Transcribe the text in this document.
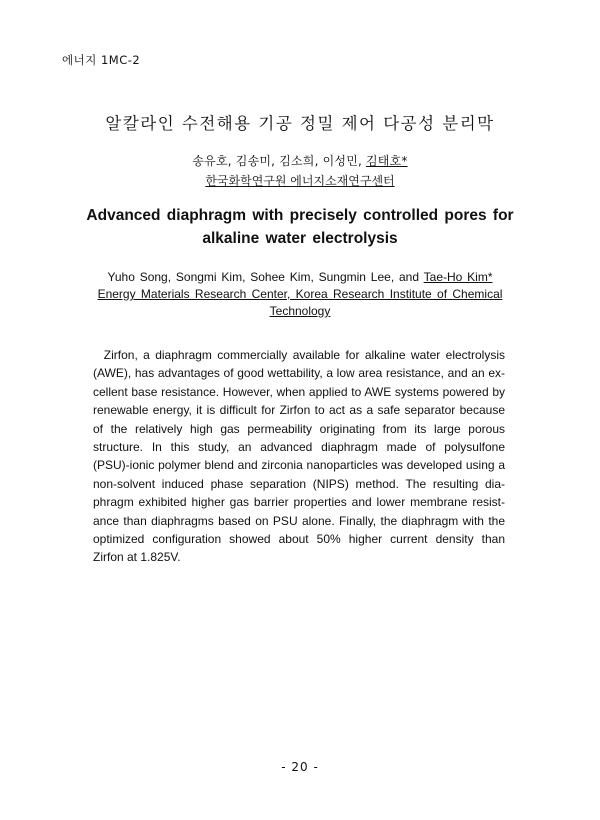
에너지 1MC-2
알칼라인 수전해용 기공 정밀 제어 다공성 분리막
송유호, 김송미, 김소희, 이성민, 김태호*
한국화학연구원 에너지소재연구센터
Advanced diaphragm with precisely controlled pores for
alkaline water electrolysis
Yuho Song, Songmi Kim, Sohee Kim, Sungmin Lee, and Tae-Ho Kim*
Energy Materials Research Center, Korea Research Institute of Chemical
Technology
Zirfon, a diaphragm commercially available for alkaline water electrolysis
(AWE), has advantages of good wettability, a low area resistance, and an ex-
cellent base resistance. However, when applied to AWE systems powered by
renewable energy, it is difficult for Zirfon to act as a safe separator because
of the relatively high gas permeability originating from its large porous
structure. In this study, an advanced diaphragm made of polysulfone
(PSU)-ionic polymer blend and zirconia nanoparticles was developed using a
non-solvent induced phase separation (NIPS) method. The resulting dia-
phragm exhibited higher gas barrier properties and lower membrane resist-
ance than diaphragms based on PSU alone. Finally, the diaphragm with the
optimized configuration showed about 50% higher current density than
Zirfon at 1.825V.
- 20 -
